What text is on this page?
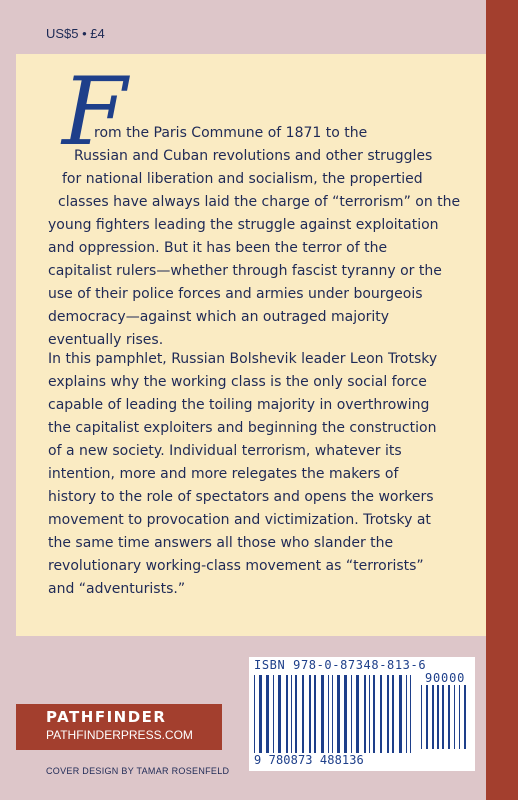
US$5 • £4
F
rom the Paris Commune of 1871 to the
Russian and Cuban revolutions and other struggles
for national liberation and socialism, the propertied
classes have always laid the charge of “terrorism” on the
young fighters leading the struggle against exploitation
and oppression. But it has been the terror of the
capitalist rulers—whether through fascist tyranny or the
use of their police forces and armies under bourgeois
democracy—against which an outraged majority
eventually rises.
In this pamphlet, Russian Bolshevik leader Leon Trotsky
explains why the working class is the only social force
capable of leading the toiling majority in overthrowing
the capitalist exploiters and beginning the construction
of a new society. Individual terrorism, whatever its
intention, more and more relegates the makers of
history to the role of spectators and opens the workers
movement to provocation and victimization. Trotsky at
the same time answers all those who slander the
revolutionary working-class movement as “terrorists”
and “adventurists.”
PATHFINDER
PATHFINDERPRESS.COM
COVER DESIGN BY TAMAR ROSENFELD
ISBN 978-0-87348-813-6
90000
9 780873 488136
